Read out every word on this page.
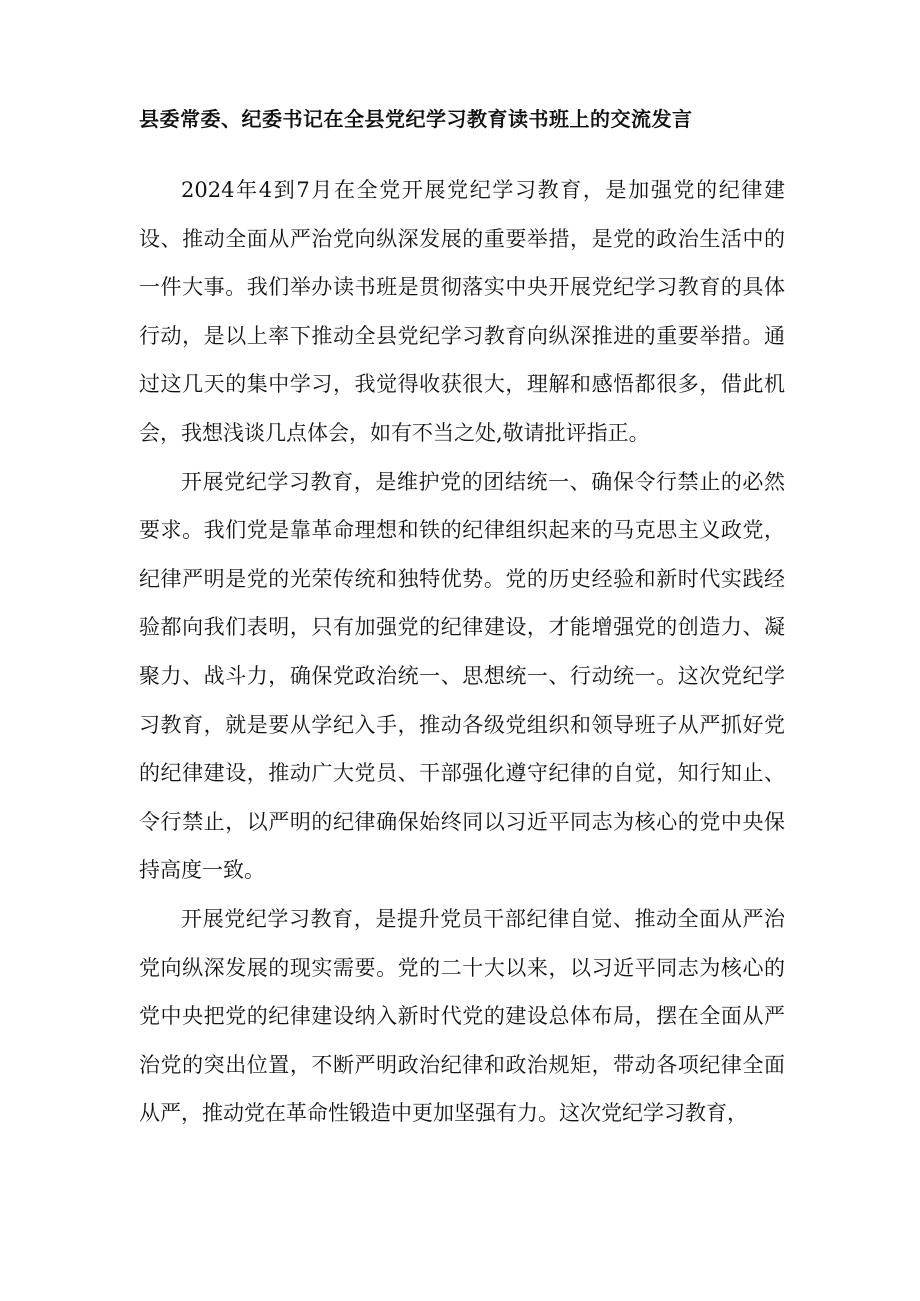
县委常委、纪委书记在全县党纪学习教育读书班上的交流发言

2024年4到7月在全党开展党纪学习教育，是加强党的纪律建设、推动全面从严治党向纵深发展的重要举措，是党的政治生活中的一件大事。我们举办读书班是贯彻落实中央开展党纪学习教育的具体行动，是以上率下推动全县党纪学习教育向纵深推进的重要举措。通过这几天的集中学习，我觉得收获很大，理解和感悟都很多，借此机会，我想浅谈几点体会，如有不当之处,敬请批评指正。

开展党纪学习教育，是维护党的团结统一、确保令行禁止的必然要求。我们党是靠革命理想和铁的纪律组织起来的马克思主义政党，纪律严明是党的光荣传统和独特优势。党的历史经验和新时代实践经验都向我们表明，只有加强党的纪律建设，才能增强党的创造力、凝聚力、战斗力，确保党政治统一、思想统一、行动统一。这次党纪学习教育，就是要从学纪入手，推动各级党组织和领导班子从严抓好党的纪律建设，推动广大党员、干部强化遵守纪律的自觉，知行知止、令行禁止，以严明的纪律确保始终同以习近平同志为核心的党中央保持高度一致。

开展党纪学习教育，是提升党员干部纪律自觉、推动全面从严治党向纵深发展的现实需要。党的二十大以来，以习近平同志为核心的党中央把党的纪律建设纳入新时代党的建设总体布局，摆在全面从严治党的突出位置，不断严明政治纪律和政治规矩，带动各项纪律全面从严，推动党在革命性锻造中更加坚强有力。这次党纪学习教育，
